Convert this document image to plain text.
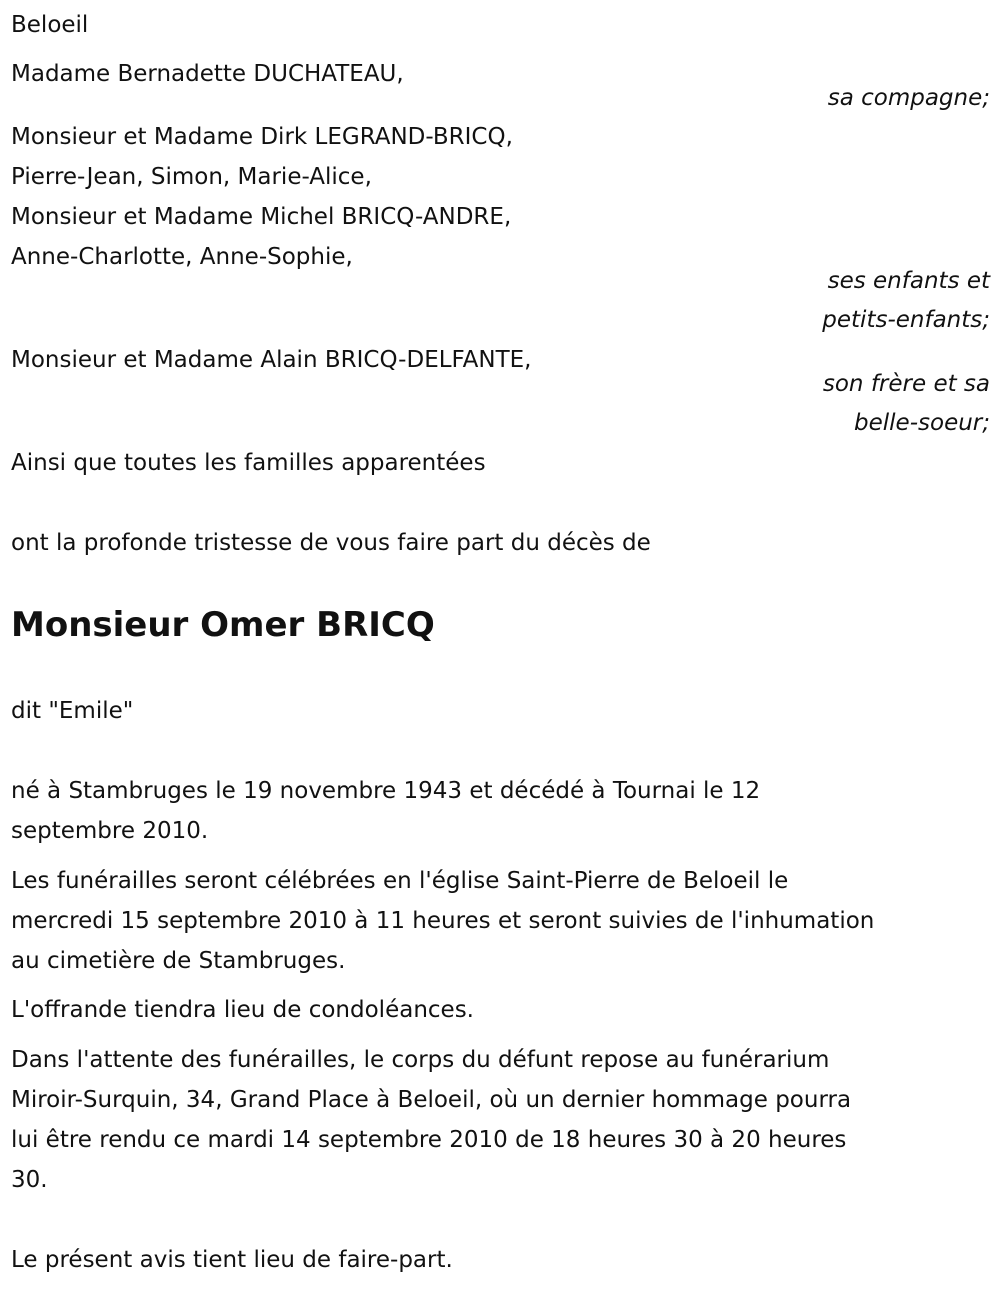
Beloeil
Madame Bernadette DUCHATEAU,
sa compagne;
Monsieur et Madame Dirk LEGRAND-BRICQ,
Pierre-Jean, Simon, Marie-Alice,
Monsieur et Madame Michel BRICQ-ANDRE,
Anne-Charlotte, Anne-Sophie,
ses enfants et
petits-enfants;
Monsieur et Madame Alain BRICQ-DELFANTE,
son frère et sa
belle-soeur;
Ainsi que toutes les familles apparentées
ont la profonde tristesse de vous faire part du décès de
Monsieur Omer BRICQ
dit "Emile"
né à Stambruges le 19 novembre 1943 et décédé à Tournai le 12
septembre 2010.
Les funérailles seront célébrées en l'église Saint-Pierre de Beloeil le
mercredi 15 septembre 2010 à 11 heures et seront suivies de l'inhumation
au cimetière de Stambruges.
L'offrande tiendra lieu de condoléances.
Dans l'attente des funérailles, le corps du défunt repose au funérarium
Miroir-Surquin, 34, Grand Place à Beloeil, où un dernier hommage pourra
lui être rendu ce mardi 14 septembre 2010 de 18 heures 30 à 20 heures
30.
Le présent avis tient lieu de faire-part.
